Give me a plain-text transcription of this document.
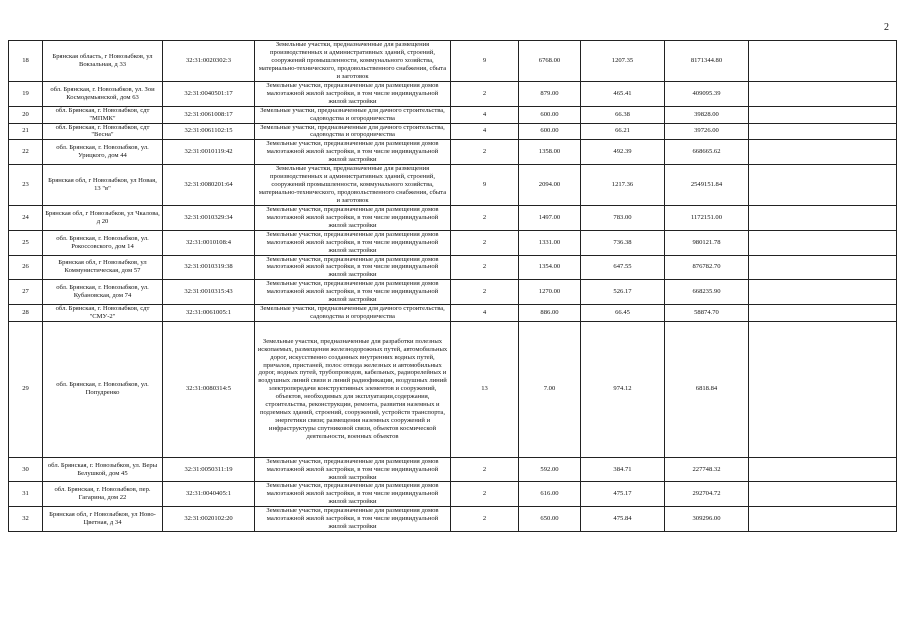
2
18	Брянская область, г Новозыбков, ул Вокзальная, д 33	32:31:0020302:3	Земельные участки, предназначенные для размещения производственных и административных зданий, строений, сооружений промышленности, коммунального хозяйства, материально-технического, продовольственного снабжения, сбыта и заготовок	9	6768.00	1207.35	8171344.80	
19	обл. Брянская, г. Новозыбков, ул. Зои Космодемьянской, дом 63	32:31:0040501:17	Земельные участки, предназначенные для размещения домов малоэтажной жилой застройки, в том числе индивидуальной жилой застройки	2	879.00	465.41	409095.39	
20	обл. Брянская, г. Новозыбков, сдт "МПМК"	32:31:0061008:17	Земельные участки, предназначенные для дачного строительства, садоводства и огородничества	4	600.00	66.38	39828.00	
21	обл. Брянская, г. Новозыбков, сдт "Весна"	32:31:0061102:15	Земельные участки, предназначенные для дачного строительства, садоводства и огородничества	4	600.00	66.21	39726.00	
22	обл. Брянская, г. Новозыбков, ул. Урицкого, дом 44	32:31:0010119:42	Земельные участки, предназначенные для размещения домов малоэтажной жилой застройки, в том числе индивидуальной жилой застройки	2	1358.00	492.39	668665.62	
23	Брянская обл, г Новозыбков, ул Новая, 13 "в"	32:31:0080201:64	Земельные участки, предназначенные для размещения производственных и административных зданий, строений, сооружений промышленности, коммунального хозяйства, материально-технического, продовольственного снабжения, сбыта и заготовок	9	2094.00	1217.36	2549151.84	
24	Брянская обл, г Новозыбков, ул Чкалова, д 20	32:31:0010329:34	Земельные участки, предназначенные для размещения домов малоэтажной жилой застройки, в том числе индивидуальной жилой застройки	2	1497.00	783.00	1172151.00	
25	обл. Брянская, г. Новозыбков, ул. Рокоссовского, дом 14	32:31:0010108:4	Земельные участки, предназначенные для размещения домов малоэтажной жилой застройки, в том числе индивидуальной жилой застройки	2	1331.00	736.38	980121.78	
26	Брянская обл, г Новозыбков, ул Коммунистическая, дом 57	32:31:0010319:38	Земельные участки, предназначенные для размещения домов малоэтажной жилой застройки, в том числе индивидуальной жилой застройки	2	1354.00	647.55	876782.70	
27	обл. Брянская, г. Новозыбков, ул. Кубановская, дом 74	32:31:0010315:43	Земельные участки, предназначенные для размещения домов малоэтажной жилой застройки, в том числе индивидуальной жилой застройки	2	1270.00	526.17	668235.90	
28	обл. Брянская, г. Новозыбков, сдт "СМУ-2"	32:31:0061005:1	Земельные участки, предназначенные для дачного строительства, садоводства и огородничества	4	886.00	66.45	58874.70	
29	обл. Брянская, г. Новозыбков, ул. Попудренко	32:31:0080314:5	Земельные участки, предназначенные для разработки полезных ископаемых, размещения железнодорожных путей, автомобильных дорог, искусственно созданных внутренних водных путей, причалов, пристаней, полос отвода железных и автомобильных дорог, водных путей, трубопроводов, кабельных, радиорелейных и воздушных линий связи и линий радиофикации, воздушных линий электропередачи конструктивных элементов и сооружений, объектов, необходимых для эксплуатации,содержания, строительства, реконструкции, ремонта, развития наземных и подземных зданий, строений, сооружений, устройств транспорта, энергетики связи; размещения наземных сооружений и инфраструктуры спутниковой связи, объектов космической деятельности, военных объектов	13	7.00	974.12	6818.84	
30	обл. Брянская, г. Новозыбков, ул. Веры Белушкой, дом 45	32:31:0050311:19	Земельные участки, предназначенные для размещения домов малоэтажной жилой застройки, в том числе индивидуальной жилой застройки	2	592.00	384.71	227748.32	
31	обл. Брянская, г. Новозыбков, пер. Гагарина, дом 22	32:31:0040405:1	Земельные участки, предназначенные для размещения домов малоэтажной жилой застройки, в том числе индивидуальной жилой застройки	2	616.00	475.17	292704.72	
32	Брянская обл, г Новозыбков, ул Ново-Цветная, д 34	32:31:0020102:20	Земельные участки, предназначенные для размещения домов малоэтажной жилой застройки, в том числе индивидуальной жилой застройки	2	650.00	475.84	309296.00	
